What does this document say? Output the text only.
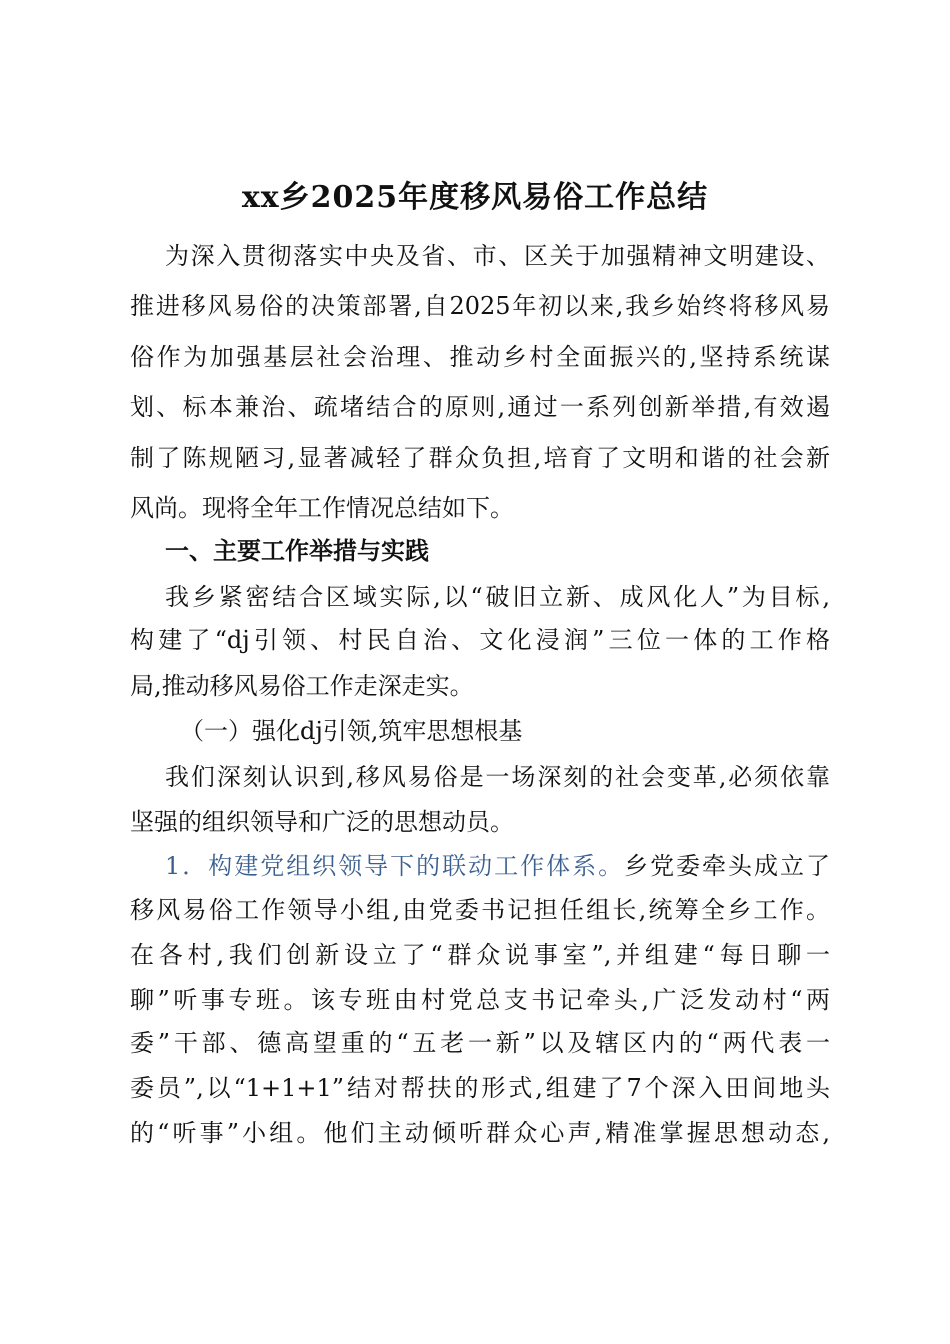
xx乡2025年度移风易俗工作总结
为深入贯彻落实中央及省、市、区关于加强精神文明建设、
推进移风易俗的决策部署,自2025年初以来,我乡始终将移风易
俗作为加强基层社会治理、推动乡村全面振兴的,坚持系统谋
划、标本兼治、疏堵结合的原则,通过一系列创新举措,有效遏
制了陈规陋习,显著减轻了群众负担,培育了文明和谐的社会新
风尚。现将全年工作情况总结如下。
一、主要工作举措与实践
我乡紧密结合区域实际,以“破旧立新、成风化人”为目标,
构建了“dj引领、村民自治、文化浸润”三位一体的工作格
局,推动移风易俗工作走深走实。
（一）强化dj引领,筑牢思想根基
我们深刻认识到,移风易俗是一场深刻的社会变革,必须依靠
坚强的组织领导和广泛的思想动员。
1．构建党组织领导下的联动工作体系。乡党委牵头成立了
移风易俗工作领导小组,由党委书记担任组长,统筹全乡工作。
在各村,我们创新设立了“群众说事室”,并组建“每日聊一
聊”听事专班。该专班由村党总支书记牵头,广泛发动村“两
委”干部、德高望重的“五老一新”以及辖区内的“两代表一
委员”,以“1+1+1”结对帮扶的形式,组建了7个深入田间地头
的“听事”小组。他们主动倾听群众心声,精准掌握思想动态,
